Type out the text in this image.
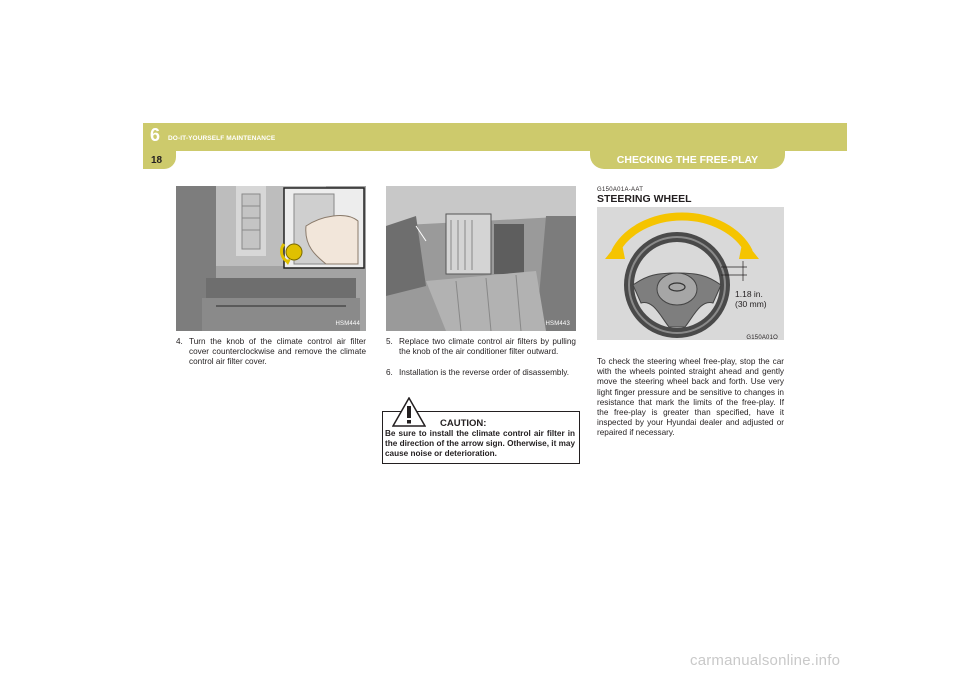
6 DO-IT-YOURSELF MAINTENANCE
18	CHECKING THE FREE-PLAY
HSM444
4. Turn the knob of the climate control air filter cover counterclockwise and remove the climate control air filter cover.
HSM443
5. Replace two climate control air filters by pulling the knob of the air conditioner filter outward.
6. Installation is the reverse order of disassembly.
CAUTION:
Be sure to install the climate control air filter in the direction of the arrow sign. Otherwise, it may cause noise or deterioration.
G150A01A-AAT
STEERING WHEEL
G150A01O
1.18 in.
(30 mm)
To check the steering wheel free-play, stop the car with the wheels pointed straight ahead and gently move the steering wheel back and forth. Use very light finger pressure and be sensitive to changes in resistance that mark the limits of the free-play. If the free-play is greater than specified, have it inspected by your Hyundai dealer and adjusted or repaired if necessary.
carmanualsonline.info
